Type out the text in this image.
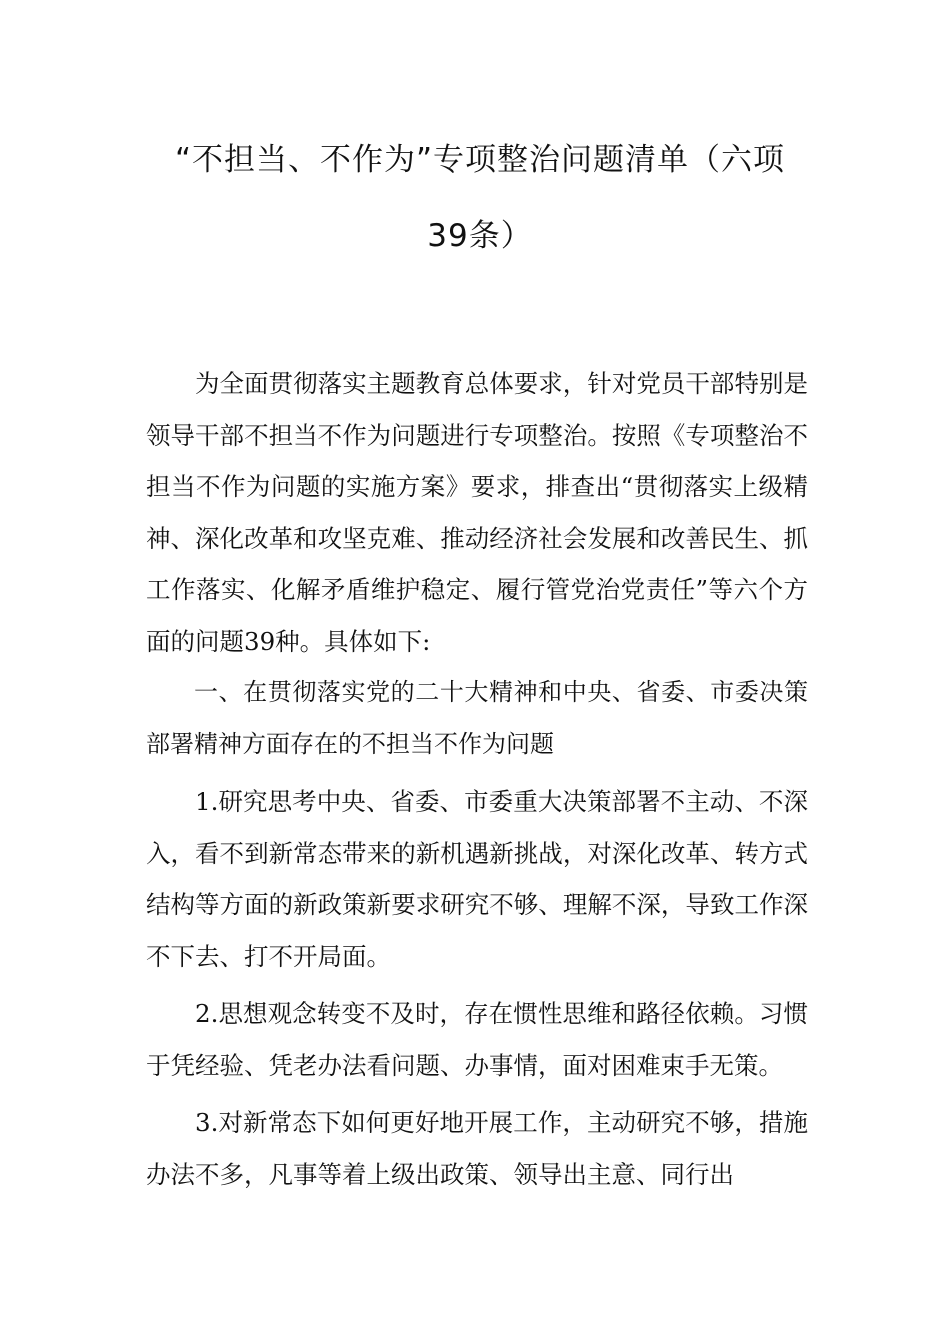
“不担当、不作为”专项整治问题清单（六项
39条）

为全面贯彻落实主题教育总体要求，针对党员干部特别是领导干部不担当不作为问题进行专项整治。按照《专项整治不担当不作为问题的实施方案》要求，排查出“贯彻落实上级精神、深化改革和攻坚克难、推动经济社会发展和改善民生、抓工作落实、化解矛盾维护稳定、履行管党治党责任”等六个方面的问题39种。具体如下:

一、在贯彻落实党的二十大精神和中央、省委、市委决策部署精神方面存在的不担当不作为问题

1.研究思考中央、省委、市委重大决策部署不主动、不深入，看不到新常态带来的新机遇新挑战，对深化改革、转方式结构等方面的新政策新要求研究不够、理解不深，导致工作深不下去、打不开局面。

2.思想观念转变不及时，存在惯性思维和路径依赖。习惯于凭经验、凭老办法看问题、办事情，面对困难束手无策。

3.对新常态下如何更好地开展工作，主动研究不够，措施办法不多，凡事等着上级出政策、领导出主意、同行出
